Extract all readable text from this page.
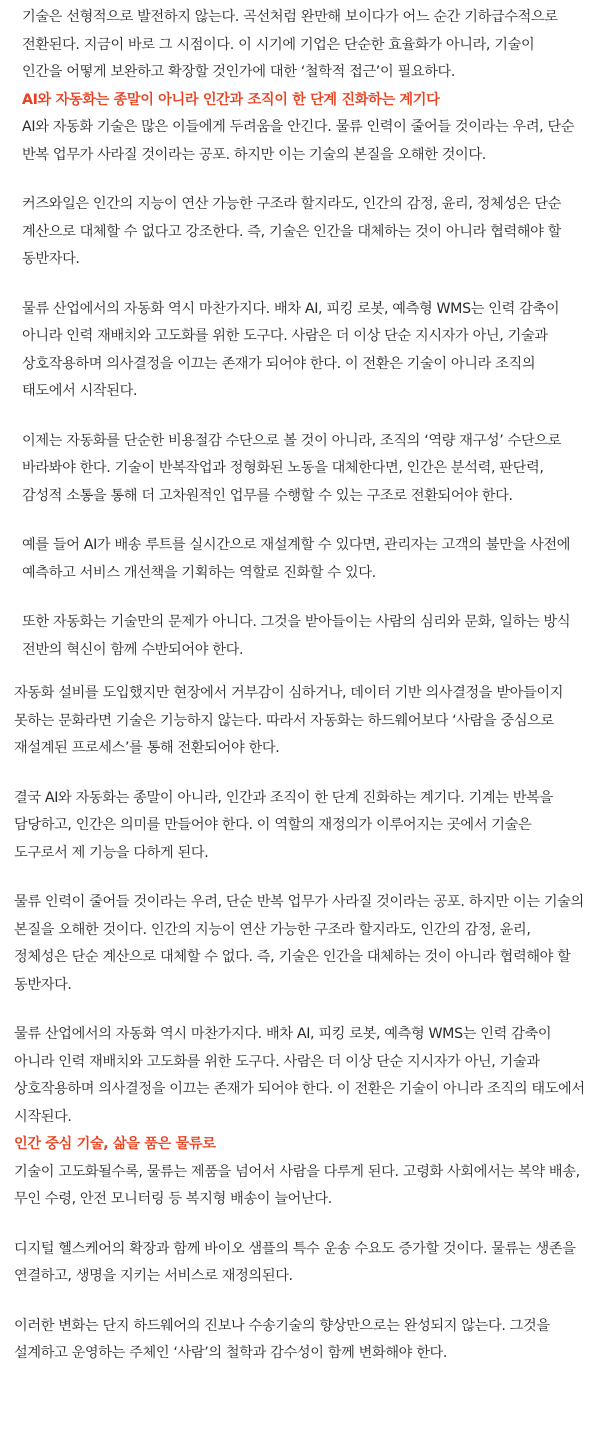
기술은 선형적으로 발전하지 않는다. 곡선처럼 완만해 보이다가 어느 순간 기하급수적으로 전환된다. 지금이 바로 그 시점이다. 이 시기에 기업은 단순한 효율화가 아니라, 기술이 인간을 어떻게 보완하고 확장할 것인가에 대한 ‘철학적 접근’이 필요하다.

AI와 자동화는 종말이 아니라 인간과 조직이 한 단계 진화하는 계기다

AI와 자동화 기술은 많은 이들에게 두려움을 안긴다. 물류 인력이 줄어들 것이라는 우려, 단순 반복 업무가 사라질 것이라는 공포. 하지만 이는 기술의 본질을 오해한 것이다.

커즈와일은 인간의 지능이 연산 가능한 구조라 할지라도, 인간의 감정, 윤리, 정체성은 단순 계산으로 대체할 수 없다고 강조한다. 즉, 기술은 인간을 대체하는 것이 아니라 협력해야 할 동반자다.

물류 산업에서의 자동화 역시 마찬가지다. 배차 AI, 피킹 로봇, 예측형 WMS는 인력 감축이 아니라 인력 재배치와 고도화를 위한 도구다. 사람은 더 이상 단순 지시자가 아닌, 기술과 상호작용하며 의사결정을 이끄는 존재가 되어야 한다. 이 전환은 기술이 아니라 조직의 태도에서 시작된다.

이제는 자동화를 단순한 비용절감 수단으로 볼 것이 아니라, 조직의 ‘역량 재구성’ 수단으로 바라봐야 한다. 기술이 반복작업과 정형화된 노동을 대체한다면, 인간은 분석력, 판단력, 감성적 소통을 통해 더 고차원적인 업무를 수행할 수 있는 구조로 전환되어야 한다.

예를 들어 AI가 배송 루트를 실시간으로 재설계할 수 있다면, 관리자는 고객의 불만을 사전에 예측하고 서비스 개선책을 기획하는 역할로 진화할 수 있다.

또한 자동화는 기술만의 문제가 아니다. 그것을 받아들이는 사람의 심리와 문화, 일하는 방식 전반의 혁신이 함께 수반되어야 한다.

자동화 설비를 도입했지만 현장에서 거부감이 심하거나, 데이터 기반 의사결정을 받아들이지 못하는 문화라면 기술은 기능하지 않는다. 따라서 자동화는 하드웨어보다 ‘사람을 중심으로 재설계된 프로세스’를 통해 전환되어야 한다.

결국 AI와 자동화는 종말이 아니라, 인간과 조직이 한 단계 진화하는 계기다. 기계는 반복을 담당하고, 인간은 의미를 만들어야 한다. 이 역할의 재정의가 이루어지는 곳에서 기술은 도구로서 제 기능을 다하게 된다.

물류 인력이 줄어들 것이라는 우려, 단순 반복 업무가 사라질 것이라는 공포. 하지만 이는 기술의 본질을 오해한 것이다. 인간의 지능이 연산 가능한 구조라 할지라도, 인간의 감정, 윤리, 정체성은 단순 계산으로 대체할 수 없다. 즉, 기술은 인간을 대체하는 것이 아니라 협력해야 할 동반자다.

물류 산업에서의 자동화 역시 마찬가지다. 배차 AI, 피킹 로봇, 예측형 WMS는 인력 감축이 아니라 인력 재배치와 고도화를 위한 도구다. 사람은 더 이상 단순 지시자가 아닌, 기술과 상호작용하며 의사결정을 이끄는 존재가 되어야 한다. 이 전환은 기술이 아니라 조직의 태도에서 시작된다.

인간 중심 기술, 삶을 품은 물류로

기술이 고도화될수록, 물류는 제품을 넘어서 사람을 다루게 된다. 고령화 사회에서는 복약 배송, 무인 수령, 안전 모니터링 등 복지형 배송이 늘어난다.

디지털 헬스케어의 확장과 함께 바이오 샘플의 특수 운송 수요도 증가할 것이다. 물류는 생존을 연결하고, 생명을 지키는 서비스로 재정의된다.

이러한 변화는 단지 하드웨어의 진보나 수송기술의 향상만으로는 완성되지 않는다. 그것을 설계하고 운영하는 주체인 ‘사람’의 철학과 감수성이 함께 변화해야 한다.
